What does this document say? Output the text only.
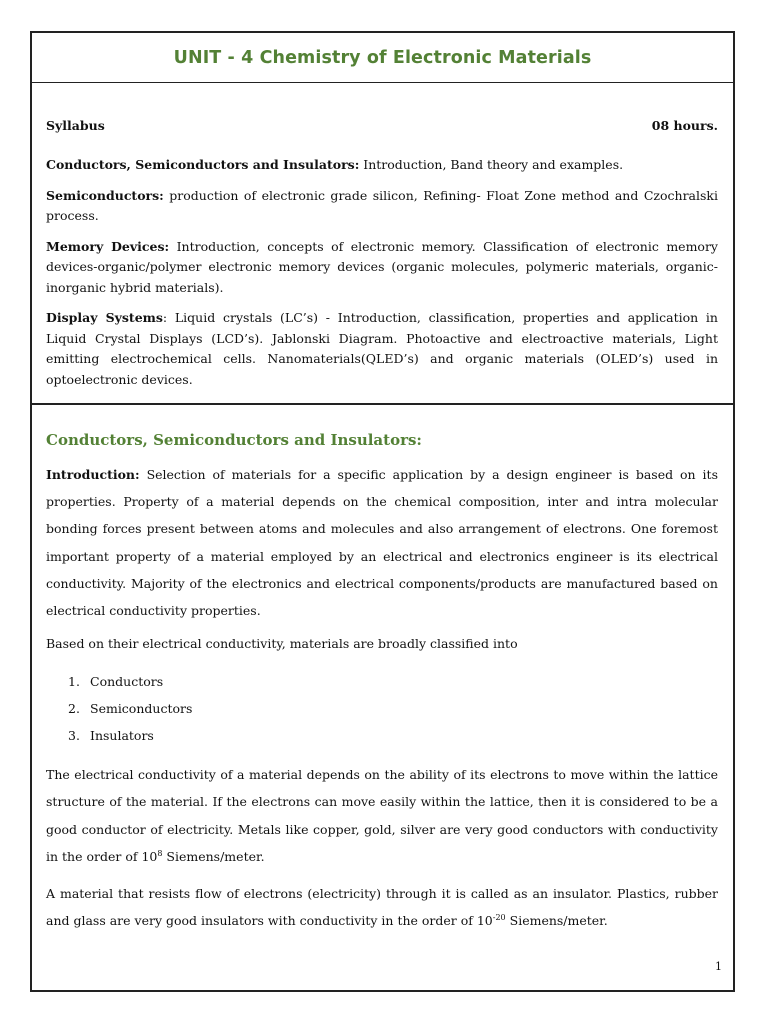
UNIT - 4 Chemistry of Electronic Materials
Syllabus	08 hours.

Conductors, Semiconductors and Insulators: Introduction, Band theory and examples.

Semiconductors: production of electronic grade silicon, Refining- Float Zone method and Czochralski process.

Memory Devices: Introduction, concepts of electronic memory. Classification of electronic memory devices-organic/polymer electronic memory devices (organic molecules, polymeric materials, organic-inorganic hybrid materials).

Display Systems: Liquid crystals (LC’s) - Introduction, classification, properties and application in Liquid Crystal Displays (LCD’s). Jablonski Diagram. Photoactive and electroactive materials, Light emitting electrochemical cells. Nanomaterials(QLED’s) and organic materials (OLED’s) used in optoelectronic devices.

Conductors, Semiconductors and Insulators:

Introduction: Selection of materials for a specific application by a design engineer is based on its properties. Property of a material depends on the chemical composition, inter and intra molecular bonding forces present between atoms and molecules and also arrangement of electrons. One foremost important property of a material employed by an electrical and electronics engineer is its electrical conductivity. Majority of the electronics and electrical components/products are manufactured based on electrical conductivity properties.

Based on their electrical conductivity, materials are broadly classified into

1. Conductors
2. Semiconductors
3. Insulators

The electrical conductivity of a material depends on the ability of its electrons to move within the lattice structure of the material. If the electrons can move easily within the lattice, then it is considered to be a good conductor of electricity. Metals like copper, gold, silver are very good conductors with conductivity in the order of $10^8$ Siemens/meter.

A material that resists flow of electrons (electricity) through it is called as an insulator. Plastics, rubber and glass are very good insulators with conductivity in the order of $10^{-20}$ Siemens/meter.

1
